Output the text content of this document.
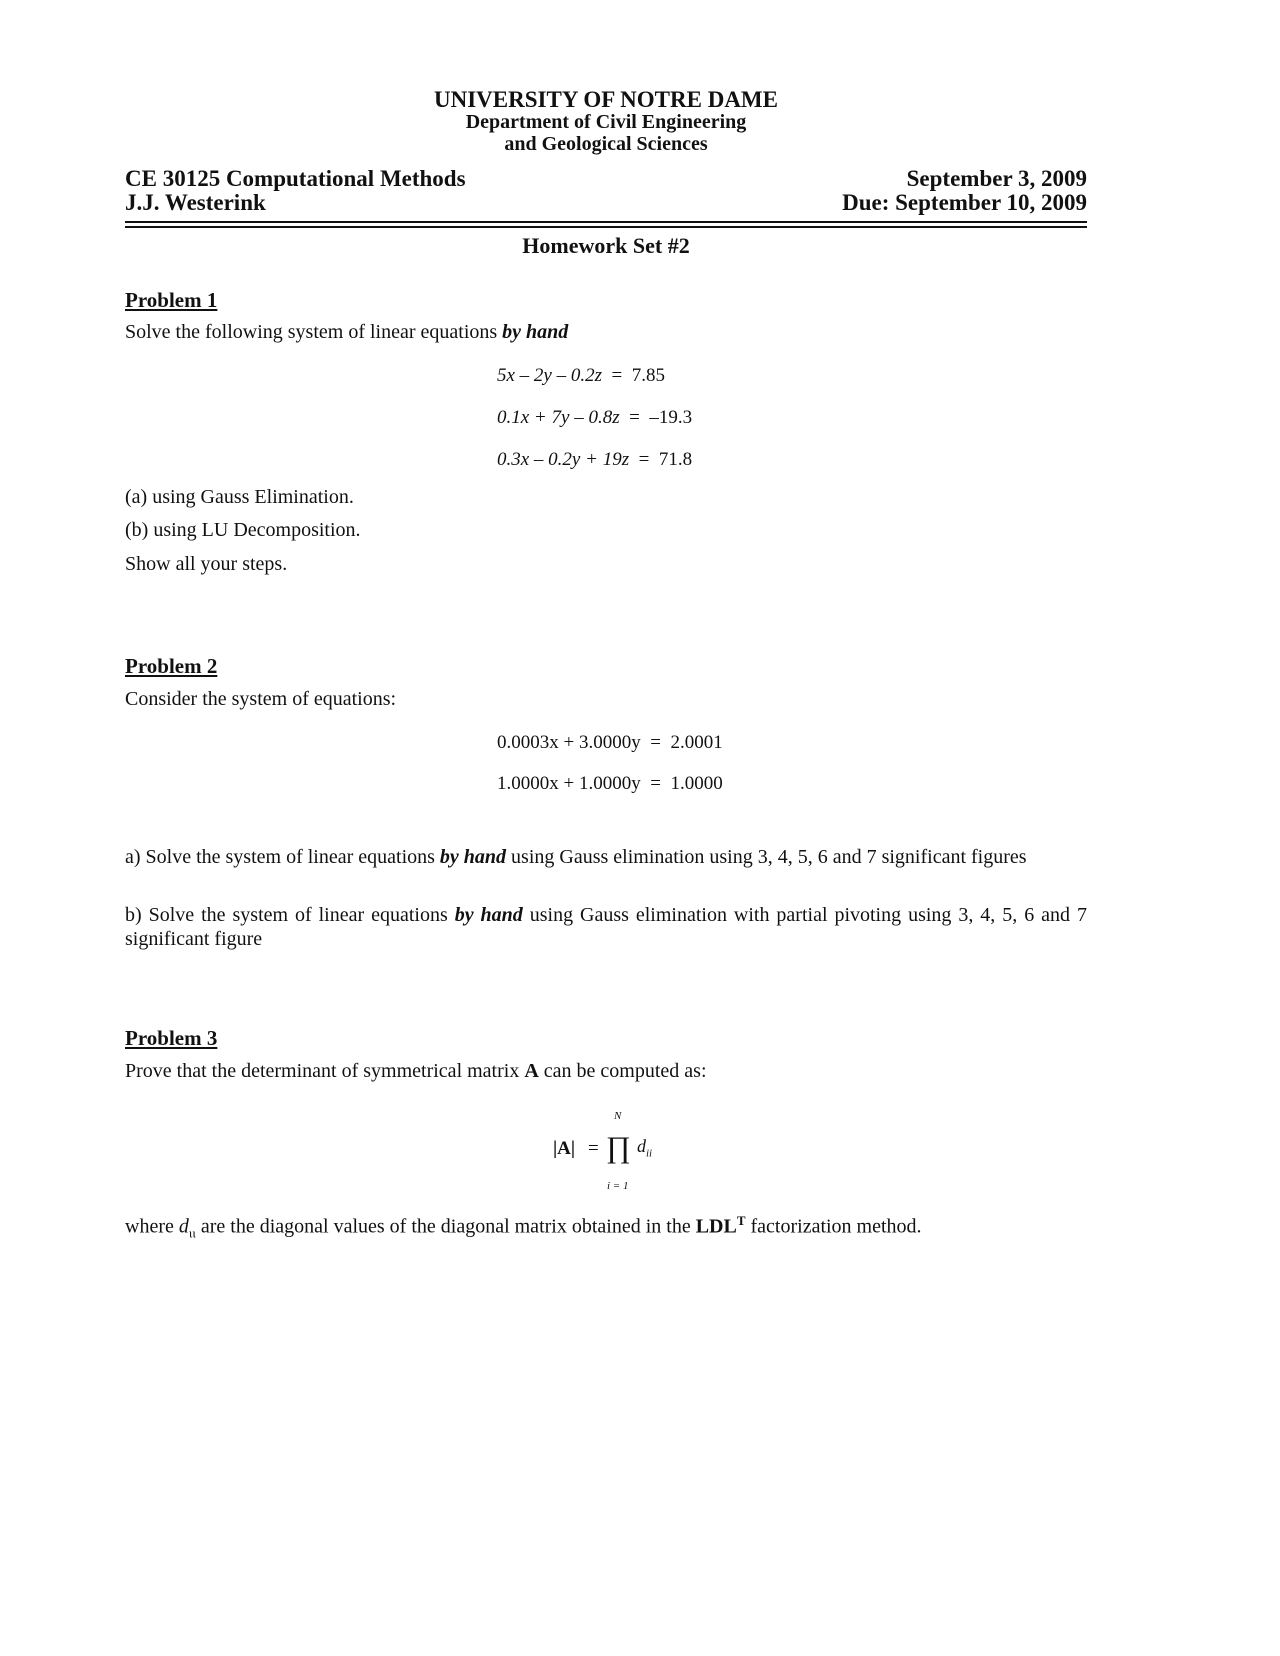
UNIVERSITY OF NOTRE DAME
Department of Civil Engineering
and Geological Sciences
CE 30125 Computational Methods
J.J. Westerink
September 3, 2009
Due: September 10, 2009
Homework Set #2
Problem 1
Solve the following system of linear equations by hand
5x – 2y – 0.2z  =  7.85
0.1x + 7y – 0.8z  =  –19.3
0.3x – 0.2y + 19z  =  71.8
(a) using Gauss Elimination.
(b) using LU Decomposition.
Show all your steps.
Problem 2
Consider the system of equations:
0.0003x + 3.0000y  =  2.0001
1.0000x + 1.0000y  =  1.0000
a) Solve the system of linear equations by hand using Gauss elimination using 3, 4, 5, 6 and 7 significant figures
b) Solve the system of linear equations by hand using Gauss elimination with partial pivoting using 3, 4, 5, 6 and 7 significant figure
Problem 3
Prove that the determinant of symmetrical matrix A can be computed as:
N
|A| = ∏ $d_{ii}$
i = 1
where $d_{\iota\iota}$ are the diagonal values of the diagonal matrix obtained in the $LDL^T$ factorization method.
